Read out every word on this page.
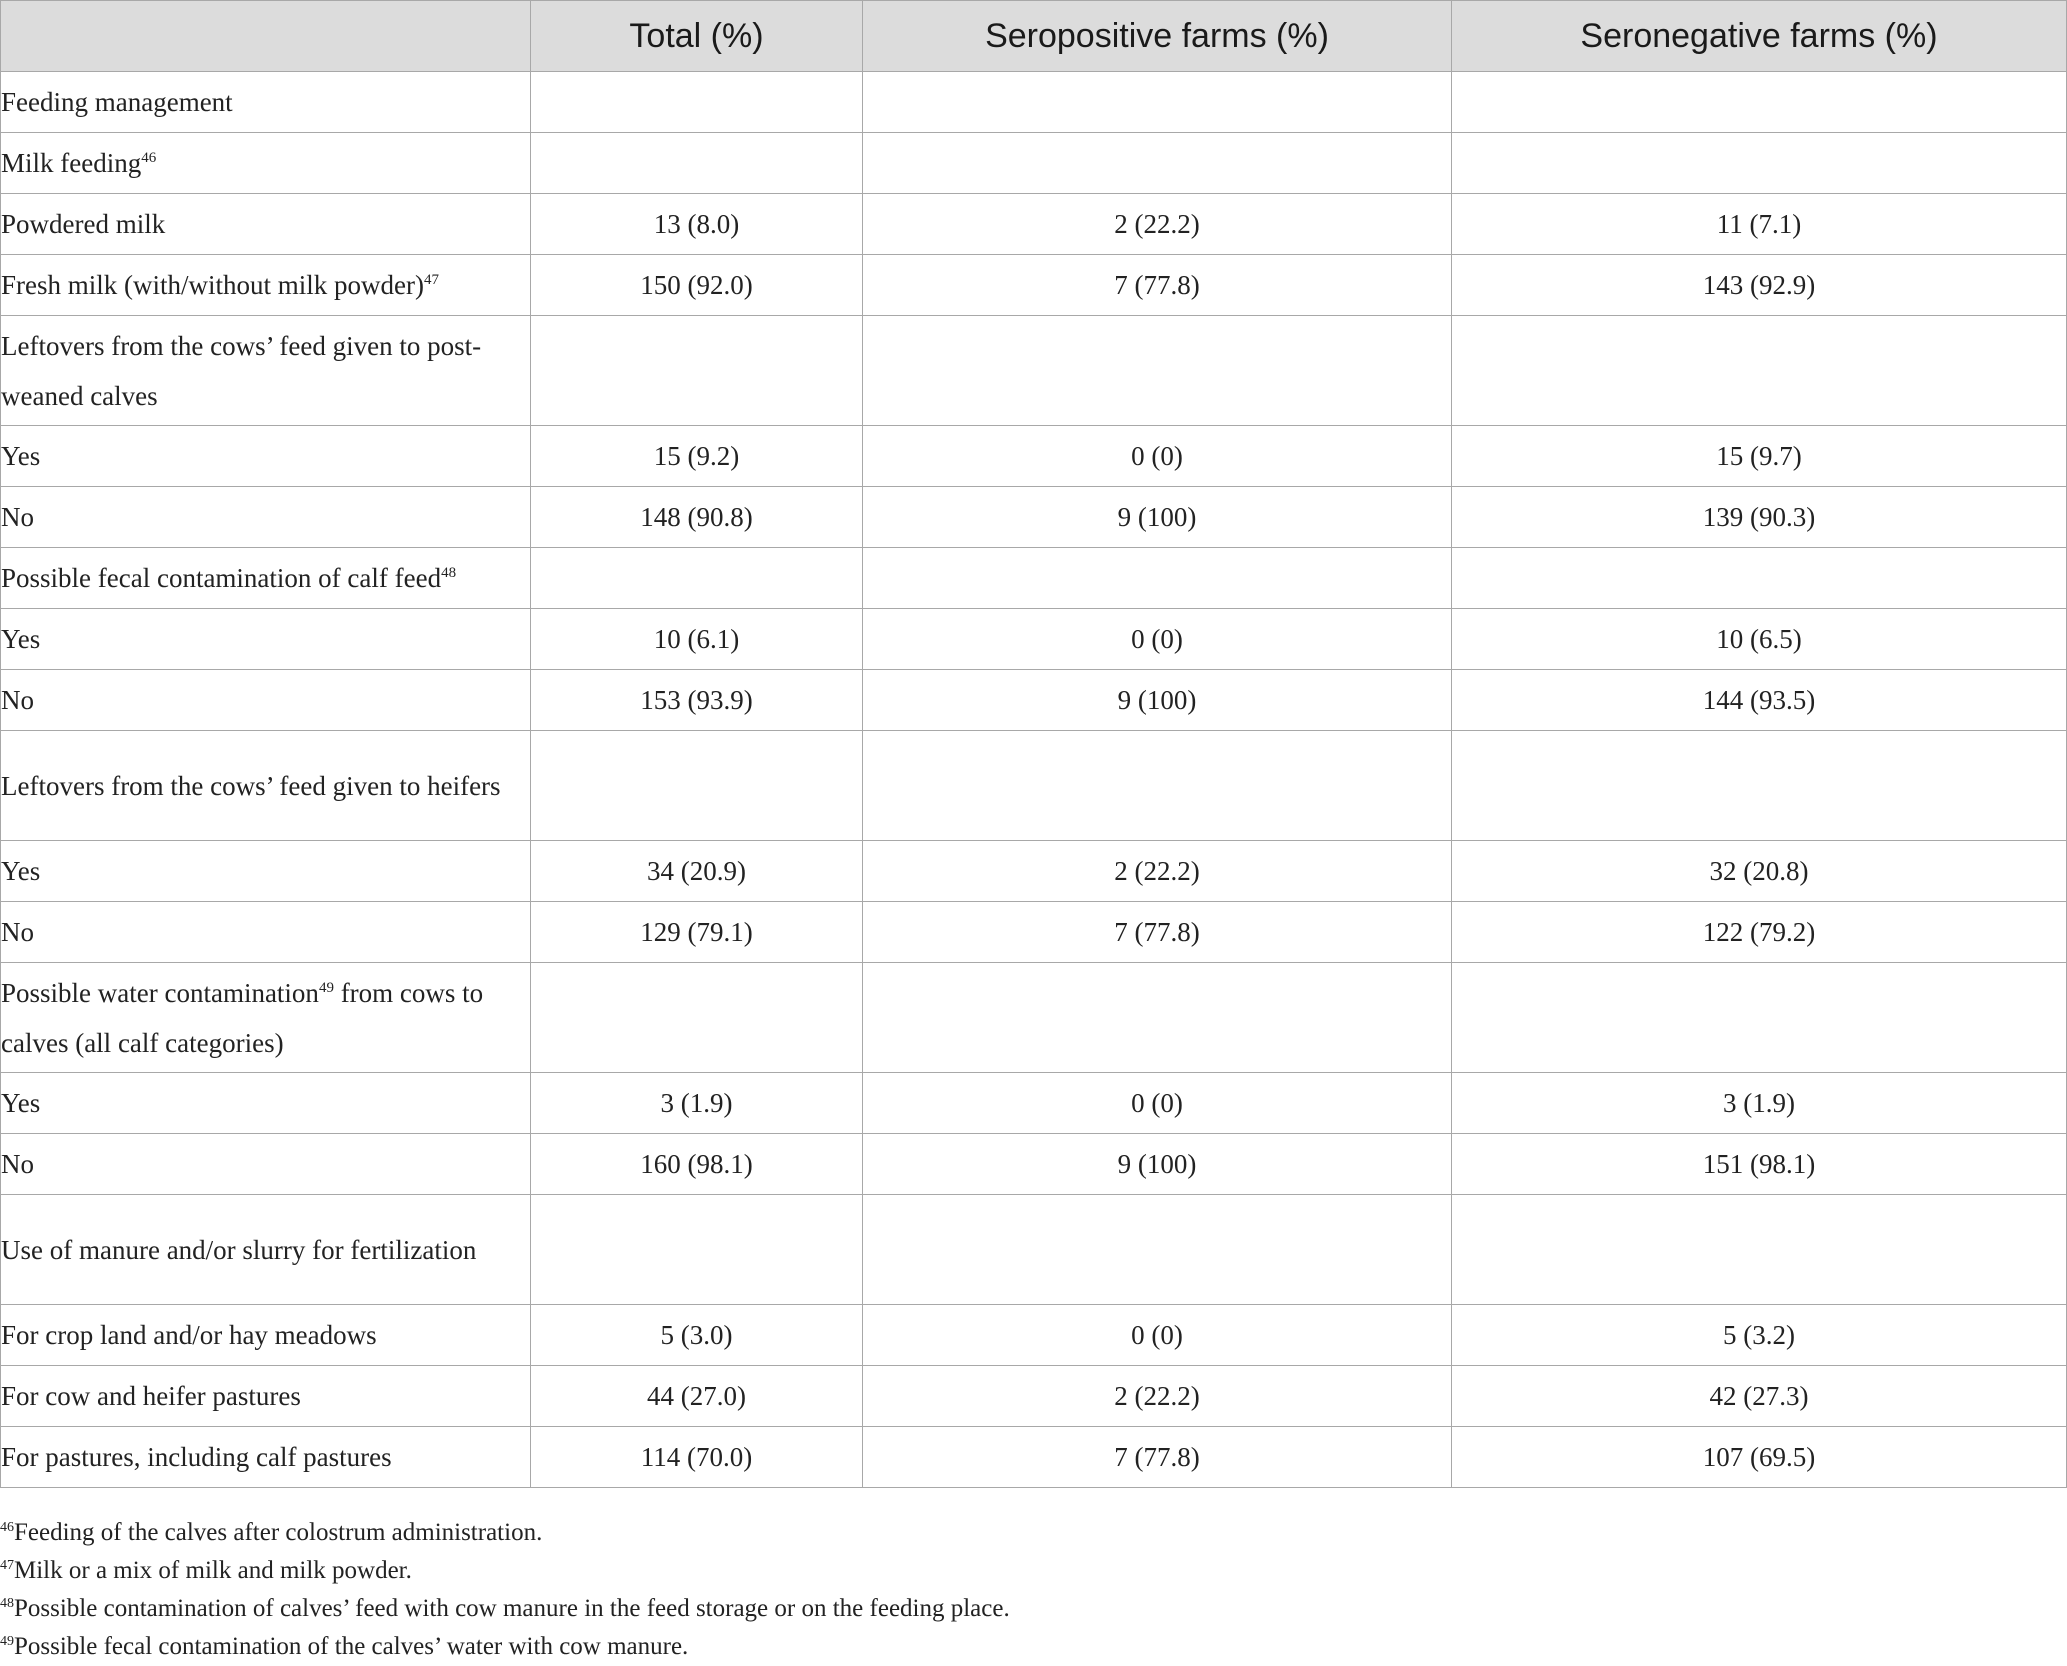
	Total (%)	Seropositive farms (%)	Seronegative farms (%)
Feeding management			
Milk feeding$^{46}$			
Powdered milk	13 (8.0)	2 (22.2)	11 (7.1)
Fresh milk (with/without milk powder)$^{47}$	150 (92.0)	7 (77.8)	143 (92.9)
Leftovers from the cows’ feed given to post-weaned calves			
Yes	15 (9.2)	0 (0)	15 (9.7)
No	148 (90.8)	9 (100)	139 (90.3)
Possible fecal contamination of calf feed$^{48}$			
Yes	10 (6.1)	0 (0)	10 (6.5)
No	153 (93.9)	9 (100)	144 (93.5)
Leftovers from the cows’ feed given to heifers			
Yes	34 (20.9)	2 (22.2)	32 (20.8)
No	129 (79.1)	7 (77.8)	122 (79.2)
Possible water contamination$^{49}$ from cows to calves (all calf categories)			
Yes	3 (1.9)	0 (0)	3 (1.9)
No	160 (98.1)	9 (100)	151 (98.1)
Use of manure and/or slurry for fertilization			
For crop land and/or hay meadows	5 (3.0)	0 (0)	5 (3.2)
For cow and heifer pastures	44 (27.0)	2 (22.2)	42 (27.3)
For pastures, including calf pastures	114 (70.0)	7 (77.8)	107 (69.5)
$^{46}$Feeding of the calves after colostrum administration.
$^{47}$Milk or a mix of milk and milk powder.
$^{48}$Possible contamination of calves’ feed with cow manure in the feed storage or on the feeding place.
$^{49}$Possible fecal contamination of the calves’ water with cow manure.
